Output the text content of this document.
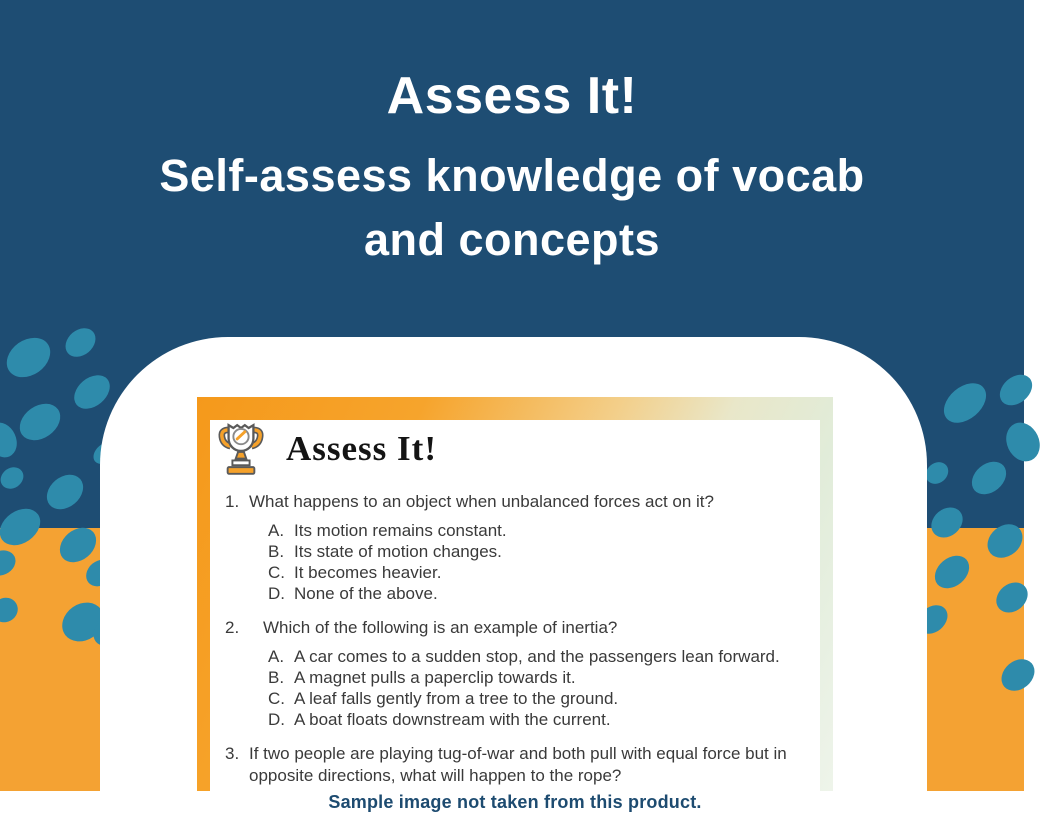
Assess It!
Self-assess knowledge of vocab
and concepts
Assess It!
1. What happens to an object when unbalanced forces act on it?
A. Its motion remains constant.
B. Its state of motion changes.
C. It becomes heavier.
D. None of the above.
2.	Which of the following is an example of inertia?
A. A car comes to a sudden stop, and the passengers lean forward.
B. A magnet pulls a paperclip towards it.
C. A leaf falls gently from a tree to the ground.
D. A boat floats downstream with the current.
3. If two people are playing tug-of-war and both pull with equal force but in opposite directions, what will happen to the rope?
Sample image not taken from this product.
